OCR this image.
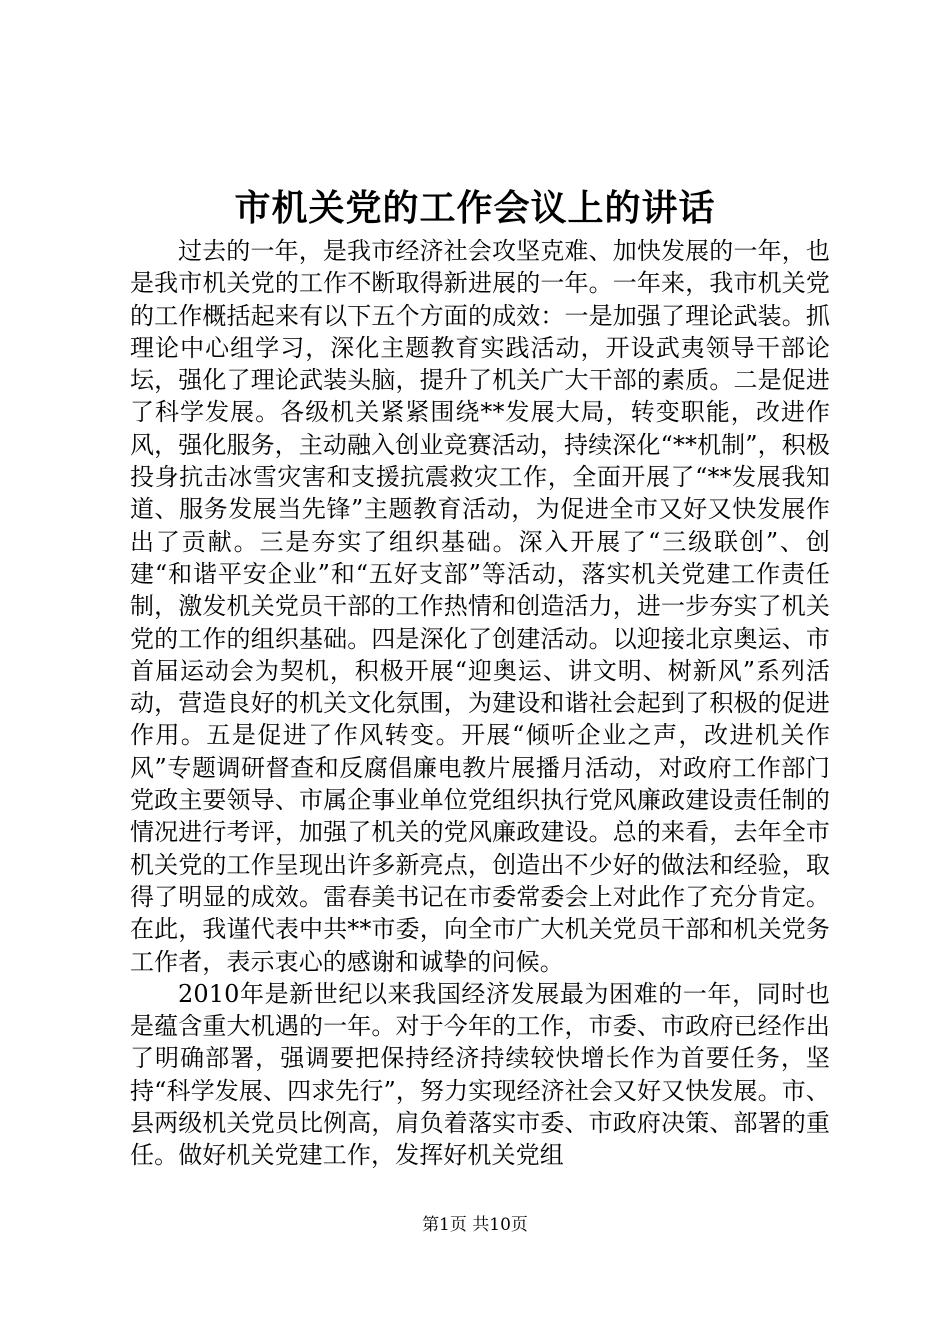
市机关党的工作会议上的讲话

过去的一年，是我市经济社会攻坚克难、加快发展的一年，也是我市机关党的工作不断取得新进展的一年。一年来，我市机关党的工作概括起来有以下五个方面的成效：一是加强了理论武装。抓理论中心组学习，深化主题教育实践活动，开设武夷领导干部论坛，强化了理论武装头脑，提升了机关广大干部的素质。二是促进了科学发展。各级机关紧紧围绕**发展大局，转变职能，改进作风，强化服务，主动融入创业竞赛活动，持续深化“**机制”，积极投身抗击冰雪灾害和支援抗震救灾工作，全面开展了“**发展我知道、服务发展当先锋”主题教育活动，为促进全市又好又快发展作出了贡献。三是夯实了组织基础。深入开展了“三级联创”、创建“和谐平安企业”和“五好支部”等活动，落实机关党建工作责任制，激发机关党员干部的工作热情和创造活力，进一步夯实了机关党的工作的组织基础。四是深化了创建活动。以迎接北京奥运、市首届运动会为契机，积极开展“迎奥运、讲文明、树新风”系列活动，营造良好的机关文化氛围，为建设和谐社会起到了积极的促进作用。五是促进了作风转变。开展“倾听企业之声，改进机关作风”专题调研督查和反腐倡廉电教片展播月活动，对政府工作部门党政主要领导、市属企事业单位党组织执行党风廉政建设责任制的情况进行考评，加强了机关的党风廉政建设。总的来看，去年全市机关党的工作呈现出许多新亮点，创造出不少好的做法和经验，取得了明显的成效。雷春美书记在市委常委会上对此作了充分肯定。在此，我谨代表中共**市委，向全市广大机关党员干部和机关党务工作者，表示衷心的感谢和诚挚的问候。

2010年是新世纪以来我国经济发展最为困难的一年，同时也是蕴含重大机遇的一年。对于今年的工作，市委、市政府已经作出了明确部署，强调要把保持经济持续较快增长作为首要任务，坚持“科学发展、四求先行”，努力实现经济社会又好又快发展。市、县两级机关党员比例高，肩负着落实市委、市政府决策、部署的重任。做好机关党建工作，发挥好机关党组

第1页 共10页
